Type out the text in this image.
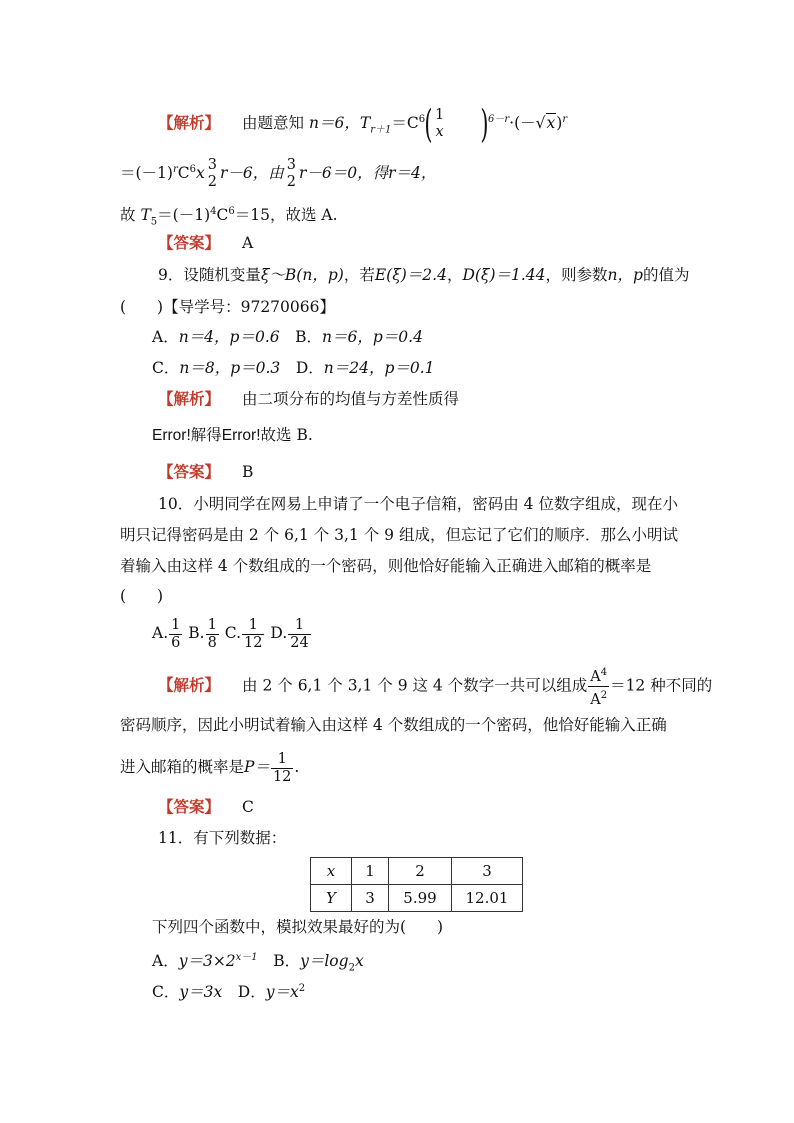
【 解析 】 由题意知 n＝6，$T_{r+1}=C^6$( 1
x )$^{6-r}\cdot(-√x)^r$
$=(-1)^rC^6x$ 3
2 r－6，由 3
2 r－6＝0，得r＝4，
故 $T_5=(-1)^4C^6=15$，故选 A.
【 答案 】 A
9．设随机变量ξ～B(n，p)，若E(ξ)＝2.4，D(ξ)＝1.44，则参数n，p的值为
(　　)【导学号：97270066】
A．n＝4，p＝0.6　 B．n＝6，p＝0.4
C．n＝8，p＝0.3　 D．n＝24，p＝0.1
【 解析 】 由二项分布的均值与方差性质得
Error!解得Error!故选 B.
【 答案 】 B
10．小明同学在网易上申请了一个电子信箱，密码由 4 位数字组成，现在小
明只记得密码是由 2 个 6,1 个 3,1 个 9 组成，但忘记了它们的顺序．那么小明试
着输入由这样 4 个数组成的一个密码，则他恰好能输入正确进入邮箱的概率是
(　　)
A. $\frac{1}{6} B$. $\frac{1}{8} C$. $\frac{1}{12} D$. $\frac{1}{24}$
【 解析 】 由 2 个 6,1 个 3,1 个 9 这 4 个数字一共可以组成 $\frac{A^4}{A^2} =12$ 种不同的
密码顺序，因此小明试着输入由这样 4 个数组成的一个密码，他恰好能输入正确
进入邮箱的概率是$P= \frac{1}{12}$ .
【 答案 】 C
11．有下列数据：
x	1	2	3
Y	3	5.99	12.01
下列四个函数中，模拟效果最好的为(　　)
A．$y=3\times 2^{x-1}$　 B．$y=\log_2x$
C．y＝3x　 D．$y=x^2$
